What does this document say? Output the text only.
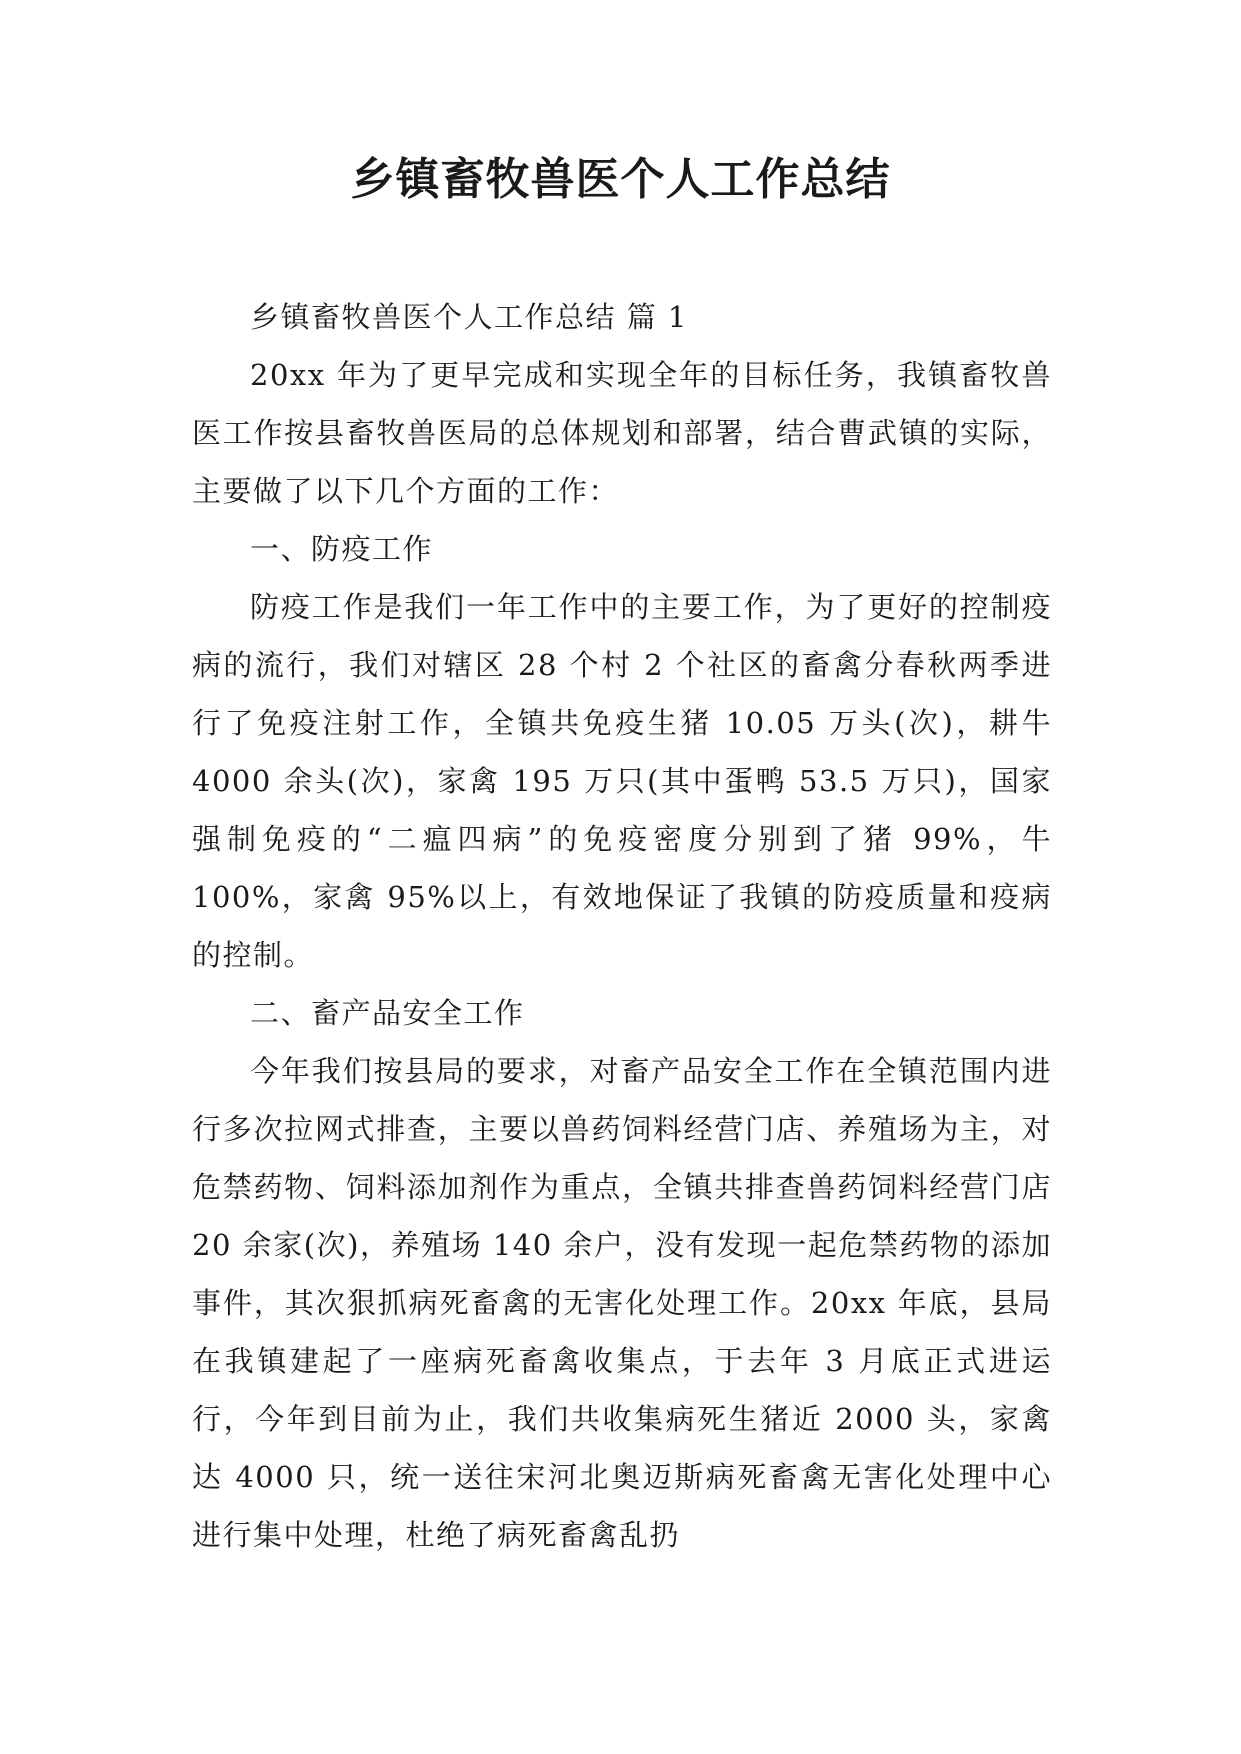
乡镇畜牧兽医个人工作总结

乡镇畜牧兽医个人工作总结 篇 1

20xx 年为了更早完成和实现全年的目标任务，我镇畜牧兽医工作按县畜牧兽医局的总体规划和部署，结合曹武镇的实际，主要做了以下几个方面的工作：

一、防疫工作

防疫工作是我们一年工作中的主要工作，为了更好的控制疫病的流行，我们对辖区 28 个村 2 个社区的畜禽分春秋两季进行了免疫注射工作，全镇共免疫生猪 10.05 万头(次)，耕牛 4000 余头(次)，家禽 195 万只(其中蛋鸭 53.5 万只)，国家强制免疫的“二瘟四病”的免疫密度分别到了猪 99%，牛 100%，家禽 95%以上，有效地保证了我镇的防疫质量和疫病的控制。

二、畜产品安全工作

今年我们按县局的要求，对畜产品安全工作在全镇范围内进行多次拉网式排查，主要以兽药饲料经营门店、养殖场为主，对危禁药物、饲料添加剂作为重点，全镇共排查兽药饲料经营门店 20 余家(次)，养殖场 140 余户，没有发现一起危禁药物的添加事件，其次狠抓病死畜禽的无害化处理工作。20xx 年底，县局在我镇建起了一座病死畜禽收集点，于去年 3 月底正式进运行，今年到目前为止，我们共收集病死生猪近 2000 头，家禽达 4000 只，统一送往宋河北奥迈斯病死畜禽无害化处理中心进行集中处理，杜绝了病死畜禽乱扔
